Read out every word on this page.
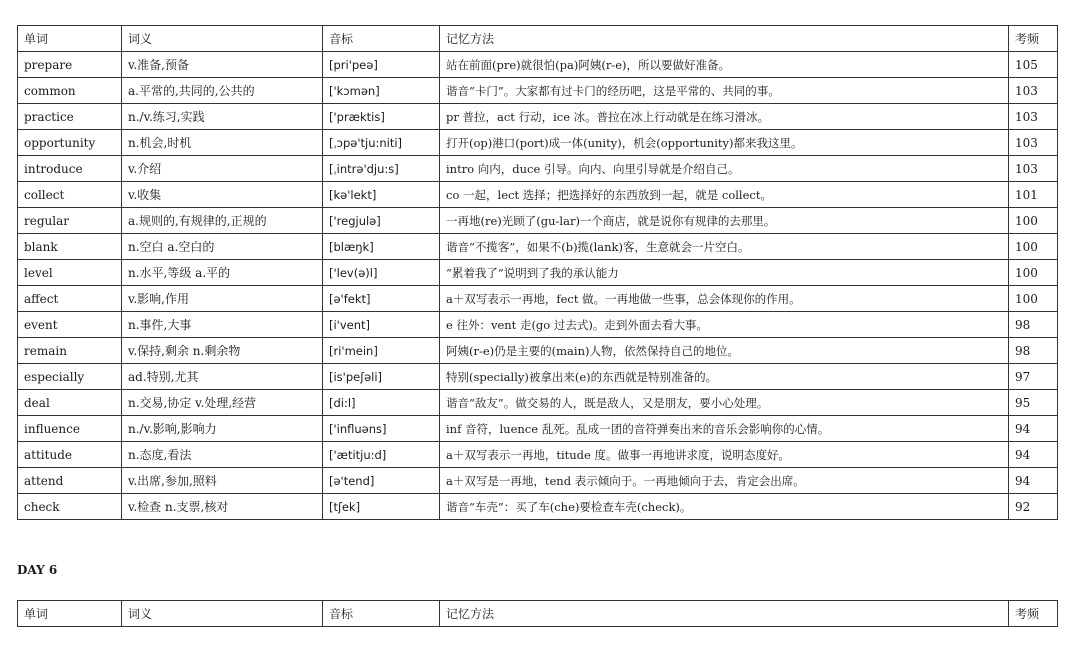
单词	词义	音标	记忆方法	考频
prepare	v.准备,预备	[pri'peə]	站在前面(pre)就很怕(pa)阿姨(r-e)，所以要做好准备。	105
common	a.平常的,共同的,公共的	['kɔmən]	谐音“卡门”。大家都有过卡门的经历吧，这是平常的、共同的事。	103
practice	n./v.练习,实践	['præktis]	pr 普拉，act 行动，ice 冰。普拉在冰上行动就是在练习滑冰。	103
opportunity	n.机会,时机	[ˌɔpə'tju:niti]	打开(op)港口(port)成一体(unity)，机会(opportunity)都来我这里。	103
introduce	v.介绍	[ˌintrə'dju:s]	intro 向内，duce 引导。向内、向里引导就是介绍自己。	103
collect	v.收集	[kə'lekt]	co 一起，lect 选择；把选择好的东西放到一起，就是 collect。	101
regular	a.规则的,有规律的,正规的	['regjulə]	一再地(re)光顾了(gu-lar)一个商店，就是说你有规律的去那里。	100
blank	n.空白 a.空白的	[blæŋk]	谐音“不揽客”，如果不(b)揽(lank)客，生意就会一片空白。	100
level	n.水平,等级 a.平的	['lev(ə)l]	“累着我了”说明到了我的承认能力	100
affect	v.影响,作用	[ə'fekt]	a＋双写表示一再地，fect 做。一再地做一些事，总会体现你的作用。	100
event	n.事件,大事	[i'vent]	e 往外：vent 走(go 过去式)。走到外面去看大事。	98
remain	v.保持,剩余 n.剩余物	[ri'mein]	阿姨(r-e)仍是主要的(main)人物，依然保持自己的地位。	98
especially	ad.特别,尤其	[is'peʃəli]	特别(specially)被拿出来(e)的东西就是特别准备的。	97
deal	n.交易,协定 v.处理,经营	[di:l]	谐音“敌友”。做交易的人，既是敌人，又是朋友，要小心处理。	95
influence	n./v.影响,影响力	['influəns]	inf 音符，luence 乱死。乱成一团的音符弹奏出来的音乐会影响你的心情。	94
attitude	n.态度,看法	['ætitju:d]	a＋双写表示一再地，titude 度。做事一再地讲求度，说明态度好。	94
attend	v.出席,参加,照料	[ə'tend]	a＋双写是一再地，tend 表示倾向于。一再地倾向于去，肯定会出席。	94
check	v.检查 n.支票,核对	[tʃek]	谐音“车壳”：买了车(che)要检查车壳(check)。	92
DAY 6
单词	词义	音标	记忆方法	考频
